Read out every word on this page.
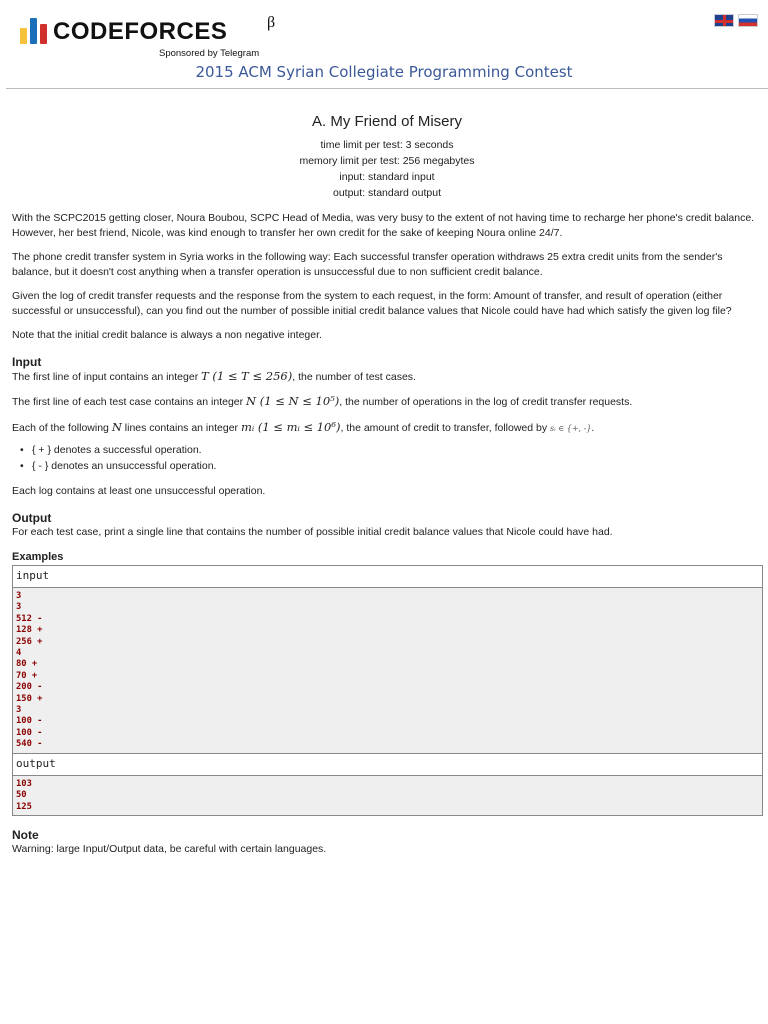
CODEFORCES β
Sponsored by Telegram
2015 ACM Syrian Collegiate Programming Contest
A. My Friend of Misery
time limit per test: 3 seconds
memory limit per test: 256 megabytes
input: standard input
output: standard output

With the SCPC2015 getting closer, Noura Boubou, SCPC Head of Media, was very busy to the extent of not having time to recharge her phone's credit balance. However, her best friend, Nicole, was kind enough to transfer her own credit for the sake of keeping Noura online 24/7.

The phone credit transfer system in Syria works in the following way: Each successful transfer operation withdraws 25 extra credit units from the sender's balance, but it doesn't cost anything when a transfer operation is unsuccessful due to non sufficient credit balance.

Given the log of credit transfer requests and the response from the system to each request, in the form: Amount of transfer, and result of operation (either successful or unsuccessful), can you find out the number of possible initial credit balance values that Nicole could have had which satisfy the given log file?

Note that the initial credit balance is always a non negative integer.

Input

The first line of input contains an integer T (1 ≤ T ≤ 256), the number of test cases.

The first line of each test case contains an integer N (1 ≤ N ≤ 10⁵), the number of operations in the log of credit transfer requests.

Each of the following N lines contains an integer mᵢ (1 ≤ mᵢ ≤ 10⁶), the amount of credit to transfer, followed by sᵢ ∈ {+, -}.

• { + } denotes a successful operation.
• { - } denotes an unsuccessful operation.

Each log contains at least one unsuccessful operation.

Output

For each test case, print a single line that contains the number of possible initial credit balance values that Nicole could have had.

Examples
input
3
3
512 -
128 +
256 +
4
80 +
70 +
200 -
150 +
3
100 -
100 -
540 -
output
103
50
125
Note
Warning: large Input/Output data, be careful with certain languages.
